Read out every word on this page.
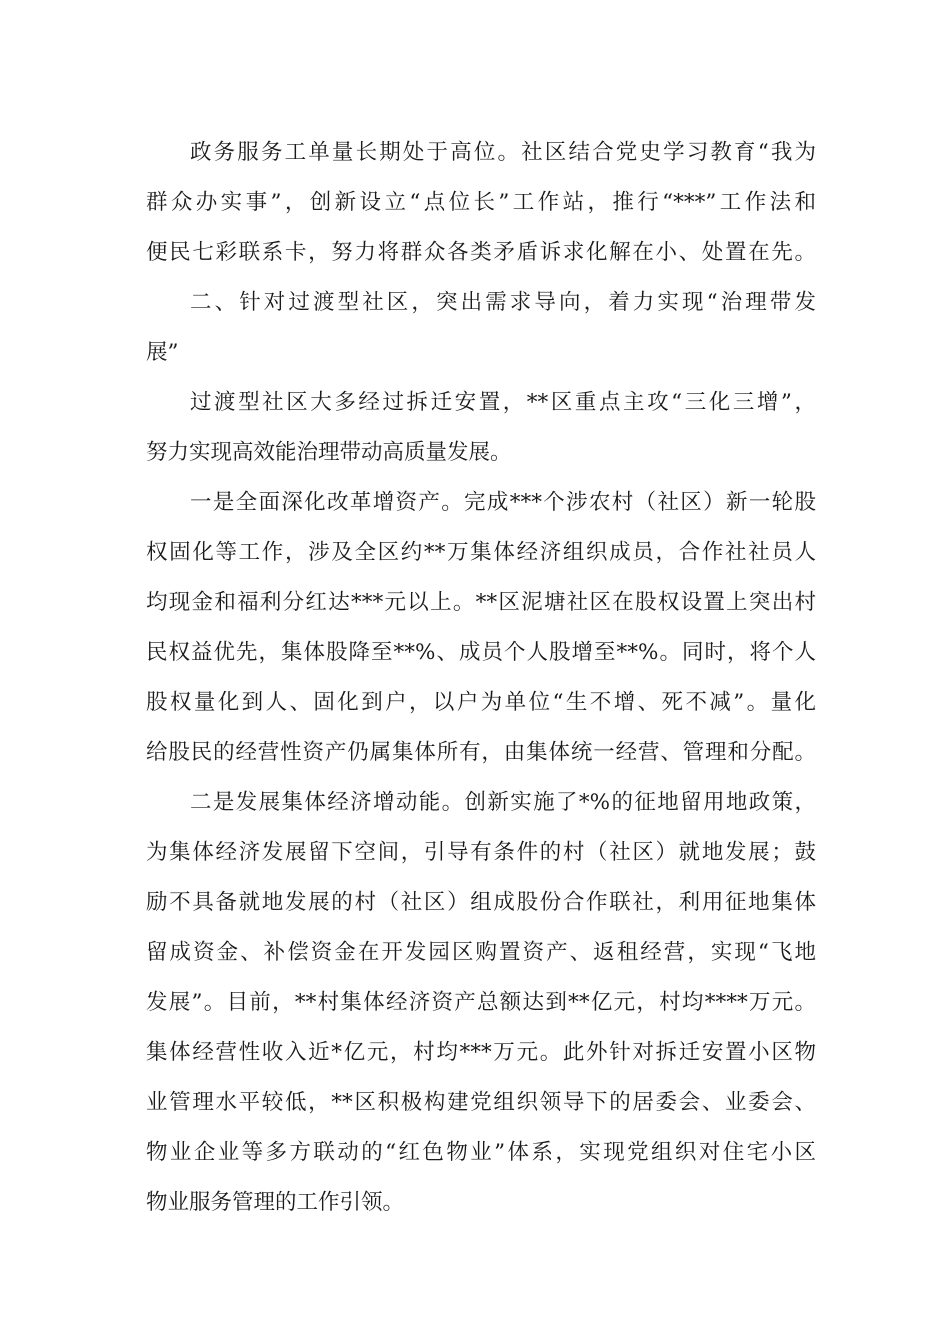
政务服务工单量长期处于高位。社区结合党史学习教育“我为
群众办实事”，创新设立“点位长”工作站，推行“***”工作法和
便民七彩联系卡，努力将群众各类矛盾诉求化解在小、处置在先。
二、针对过渡型社区，突出需求导向，着力实现“治理带发
展”
过渡型社区大多经过拆迁安置，**区重点主攻“三化三增”，
努力实现高效能治理带动高质量发展。
一是全面深化改革增资产。完成***个涉农村（社区）新一轮股
权固化等工作，涉及全区约**万集体经济组织成员，合作社社员人
均现金和福利分红达***元以上。**区泥塘社区在股权设置上突出村
民权益优先，集体股降至**%、成员个人股增至**%。同时，将个人
股权量化到人、固化到户，以户为单位“生不增、死不减”。量化
给股民的经营性资产仍属集体所有，由集体统一经营、管理和分配。
二是发展集体经济增动能。创新实施了*%的征地留用地政策，
为集体经济发展留下空间，引导有条件的村（社区）就地发展；鼓
励不具备就地发展的村（社区）组成股份合作联社，利用征地集体
留成资金、补偿资金在开发园区购置资产、返租经营，实现“飞地
发展”。目前，**村集体经济资产总额达到**亿元，村均****万元。
集体经营性收入近*亿元，村均***万元。此外针对拆迁安置小区物
业管理水平较低，**区积极构建党组织领导下的居委会、业委会、
物业企业等多方联动的“红色物业”体系，实现党组织对住宅小区
物业服务管理的工作引领。
